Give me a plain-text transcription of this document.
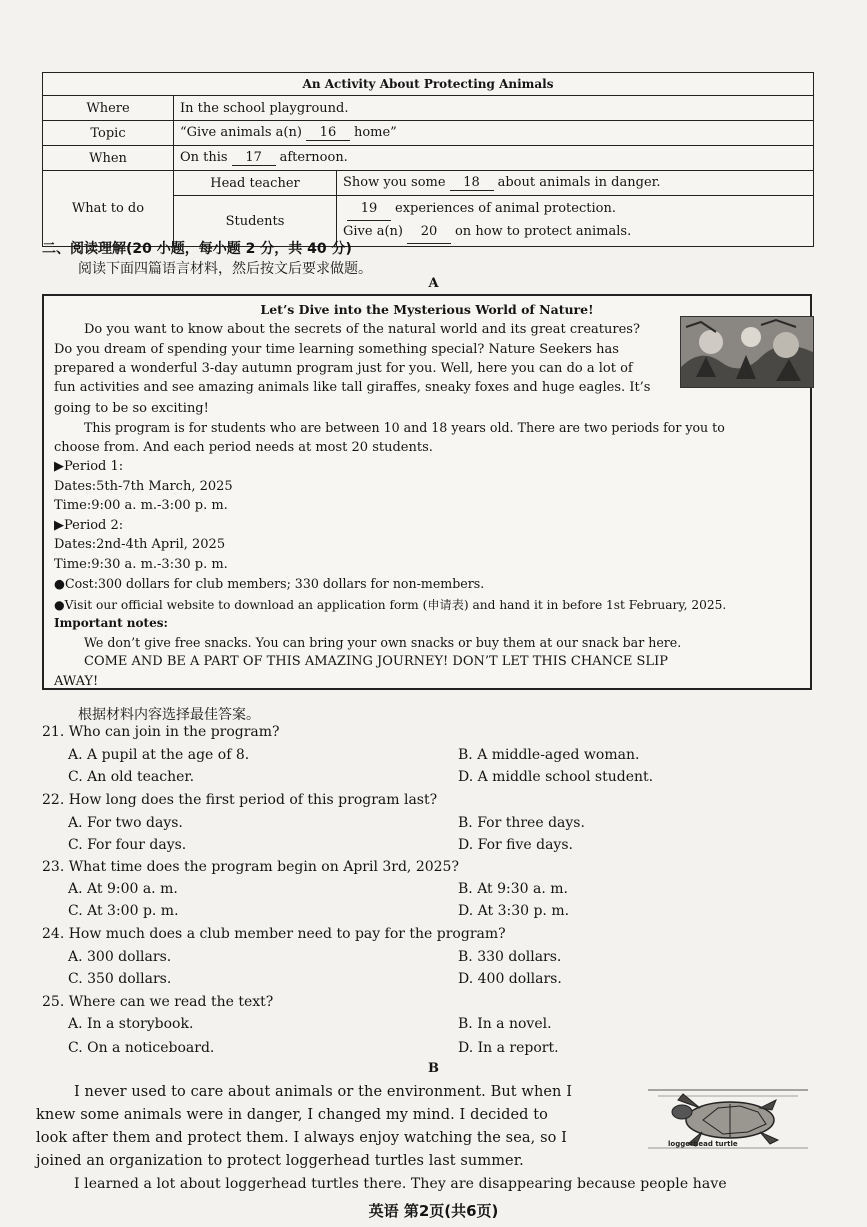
An Activity About Protecting Animals		
Where	In the school playground.	
Topic	“Give animals a(n) 16 home”	
When	On this 17 afternoon.	
What to do	Head teacher	Show you some 18 about animals in danger.
	Students	19 experiences of animal protection.
Give a(n) 20 on how to protect animals.
二、阅读理解(20 小题，每小题 2 分，共 40 分)
阅读下面四篇语言材料，然后按文后要求做题。
A
Let’s Dive into the Mysterious World of Nature!
Do you want to know about the secrets of the natural world and its great creatures?
Do you dream of spending your time learning something special? Nature Seekers has
prepared a wonderful 3-day autumn program just for you. Well, here you can do a lot of
fun activities and see amazing animals like tall giraffes, sneaky foxes and huge eagles. It’s
going to be so exciting!
This program is for students who are between 10 and 18 years old. There are two periods for you to
choose from. And each period needs at most 20 students.
▶Period 1:
Dates:5th-7th March, 2025
Time:9:00 a. m.-3:00 p. m.
▶Period 2:
Dates:2nd-4th April, 2025
Time:9:30 a. m.-3:30 p. m.
●Cost:300 dollars for club members; 330 dollars for non-members.
●Visit our official website to download an application form (申请表) and hand it in before 1st February, 2025.
Important notes:
We don’t give free snacks. You can bring your own snacks or buy them at our snack bar here.
COME AND BE A PART OF THIS AMAZING JOURNEY! DON’T LET THIS CHANCE SLIP
AWAY!
根据材料内容选择最佳答案。
21. Who can join in the program?
A. A pupil at the age of 8.	B. A middle-aged woman.
C. An old teacher.	D. A middle school student.
22. How long does the first period of this program last?
A. For two days.	B. For three days.
C. For four days.	D. For five days.
23. What time does the program begin on April 3rd, 2025?
A. At 9:00 a. m.	B. At 9:30 a. m.
C. At 3:00 p. m.	D. At 3:30 p. m.
24. How much does a club member need to pay for the program?
A. 300 dollars.	B. 330 dollars.
C. 350 dollars.	D. 400 dollars.
25. Where can we read the text?
A. In a storybook.	B. In a novel.
C. On a noticeboard.	D. In a report.
B
loggerhead turtle
I never used to care about animals or the environment. But when I
knew some animals were in danger, I changed my mind. I decided to
look after them and protect them. I always enjoy watching the sea, so I
joined an organization to protect loggerhead turtles last summer.
I learned a lot about loggerhead turtles there. They are disappearing because people have
英语 第2页(共6页)
